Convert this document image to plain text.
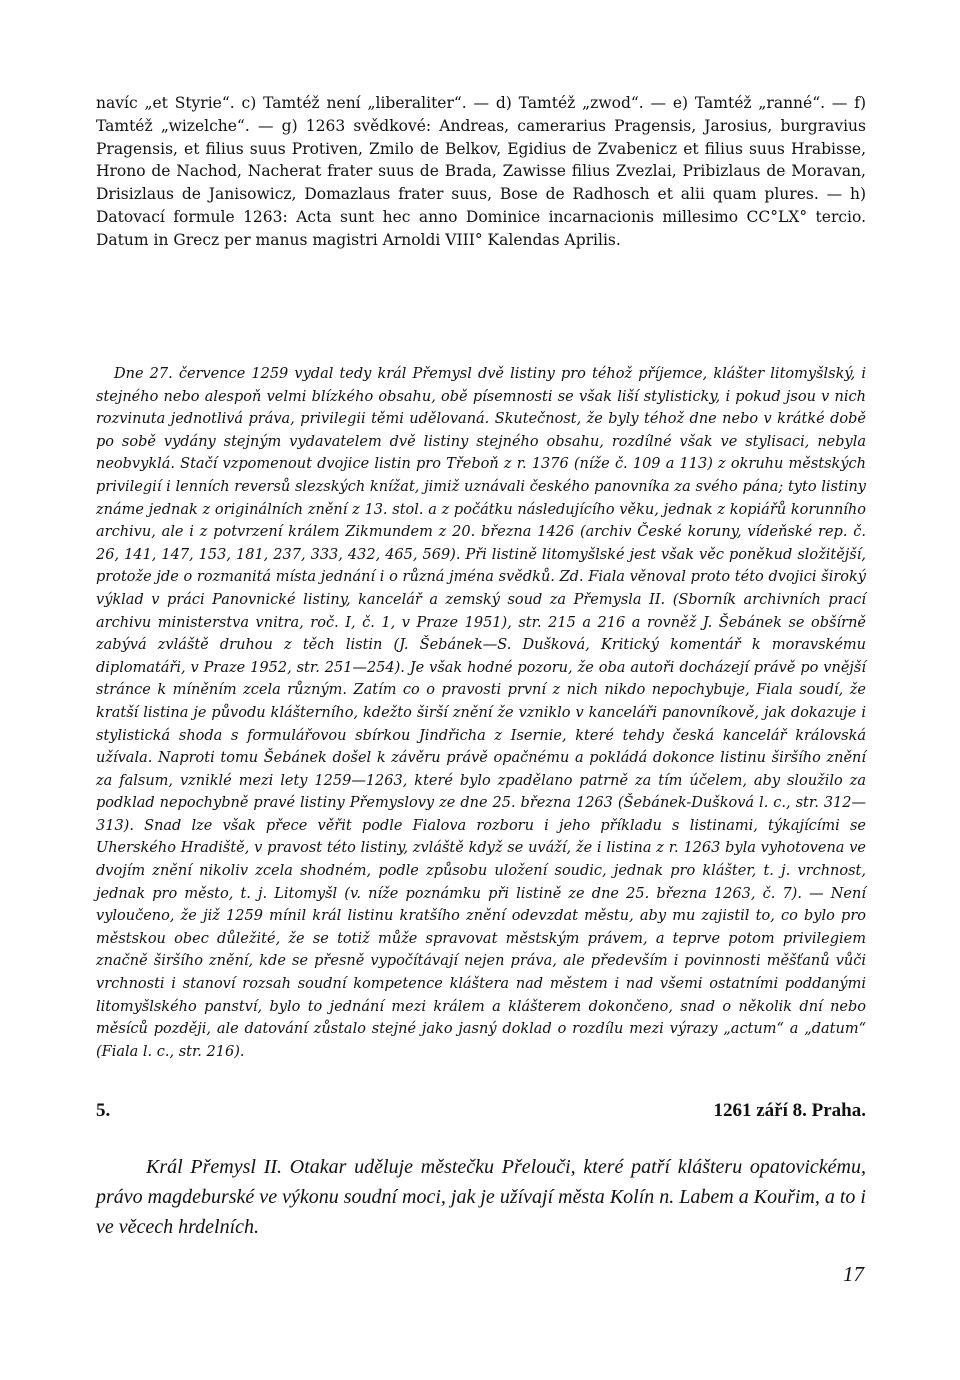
navíc „et Styrie“. c) Tamtéž není „liberaliter“. — d) Tamtéž „zwod“. — e) Tamtéž „ranné“. — f) Tamtéž „wizelche“. — g) 1263 svědkové: Andreas, camerarius Pragensis, Jarosius, burgravius Pragensis, et filius suus Protiven, Zmilo de Belkov, Egidius de Zvabenicz et filius suus Hrabisse, Hrono de Nachod, Nacherat frater suus de Brada, Zawisse filius Zvezlai, Pribizlaus de Moravan, Drisizlaus de Janisowicz, Domazlaus frater suus, Bose de Radhosch et alii quam plures. — h) Datovací formule 1263: Acta sunt hec anno Dominice incarnacionis millesimo CC°LX° tercio. Datum in Grecz per manus magistri Arnoldi VIII° Kalendas Aprilis.

Dne 27. července 1259 vydal tedy král Přemysl dvě listiny pro téhož příjemce, klášter litomyšlský, i stejného nebo alespoň velmi blízkého obsahu, obě písemnosti se však liší stylisticky, i pokud jsou v nich rozvinuta jednotlivá práva, privilegii těmi udělovaná. Skutečnost, že byly téhož dne nebo v krátké době po sobě vydány stejným vydavatelem dvě listiny stejného obsahu, rozdílné však ve stylisaci, nebyla neobvyklá. Stačí vzpomenout dvojice listin pro Třeboň z r. 1376 (níže č. 109 a 113) z okruhu městských privilegií i lenních reversů slezských knížat, jimiž uznávali českého panovníka za svého pána; tyto listiny známe jednak z originálních znění z 13. stol. a z počátku následujícího věku, jednak z kopiářů korunního archivu, ale i z potvrzení králem Zikmundem z 20. března 1426 (archiv České koruny, vídeňské rep. č. 26, 141, 147, 153, 181, 237, 333, 432, 465, 569). Při listině litomyšlské jest však věc poněkud složitější, protože jde o rozmanitá místa jednání i o různá jména svědků. Zd. Fiala věnoval proto této dvojici široký výklad v práci Panovnické listiny, kancelář a zemský soud za Přemysla II. (Sborník archivních prací archivu ministerstva vnitra, roč. I, č. 1, v Praze 1951), str. 215 a 216 a rovněž J. Šebánek se obšírně zabývá zvláště druhou z těch listin (J. Šebánek—S. Dušková, Kritický komentář k moravskému diplomatáři, v Praze 1952, str. 251—254). Je však hodné pozoru, že oba autoři docházejí právě po vnější stránce k míněním zcela různým. Zatím co o pravosti první z nich nikdo nepochybuje, Fiala soudí, že kratší listina je původu klášterního, kdežto širší znění že vzniklo v kanceláři panovníkově, jak dokazuje i stylistická shoda s formulářovou sbírkou Jindřicha z Isernie, které tehdy česká kancelář královská užívala. Naproti tomu Šebánek došel k závěru právě opačnému a pokládá dokonce listinu širšího znění za falsum, vzniklé mezi lety 1259—1263, které bylo zpadělano patrně za tím účelem, aby sloužilo za podklad nepochybně pravé listiny Přemyslovy ze dne 25. března 1263 (Šebánek-Dušková l. c., str. 312—313). Snad lze však přece věřit podle Fialova rozboru i jeho příkladu s listinami, týkajícími se Uherského Hradiště, v pravost této listiny, zvláště když se uváží, že i listina z r. 1263 byla vyhotovena ve dvojím znění nikoliv zcela shodném, podle způsobu uložení soudic, jednak pro klášter, t. j. vrchnost, jednak pro město, t. j. Litomyšl (v. níže poznámku při listině ze dne 25. března 1263, č. 7). — Není vyloučeno, že již 1259 mínil král listinu kratšího znění odevzdat městu, aby mu zajistil to, co bylo pro městskou obec důležité, že se totiž může spravovat městským právem, a teprve potom privilegiem značně širšího znění, kde se přesně vypočítávají nejen práva, ale především i povinnosti měšťanů vůči vrchnosti i stanoví rozsah soudní kompetence kláštera nad městem i nad všemi ostatními poddanými litomyšlského panství, bylo to jednání mezi králem a klášterem dokončeno, snad o několik dní nebo měsíců později, ale datování zůstalo stejné jako jasný doklad o rozdílu mezi výrazy „actum“ a „datum“ (Fiala l. c., str. 216).

5.	1261 září 8. Praha.

Král Přemysl II. Otakar uděluje městečku Přelouči, které patří klášteru opatovickému, právo magdeburské ve výkonu soudní moci, jak je užívají města Kolín n. Labem a Kouřim, a to i ve věcech hrdelních.

17
